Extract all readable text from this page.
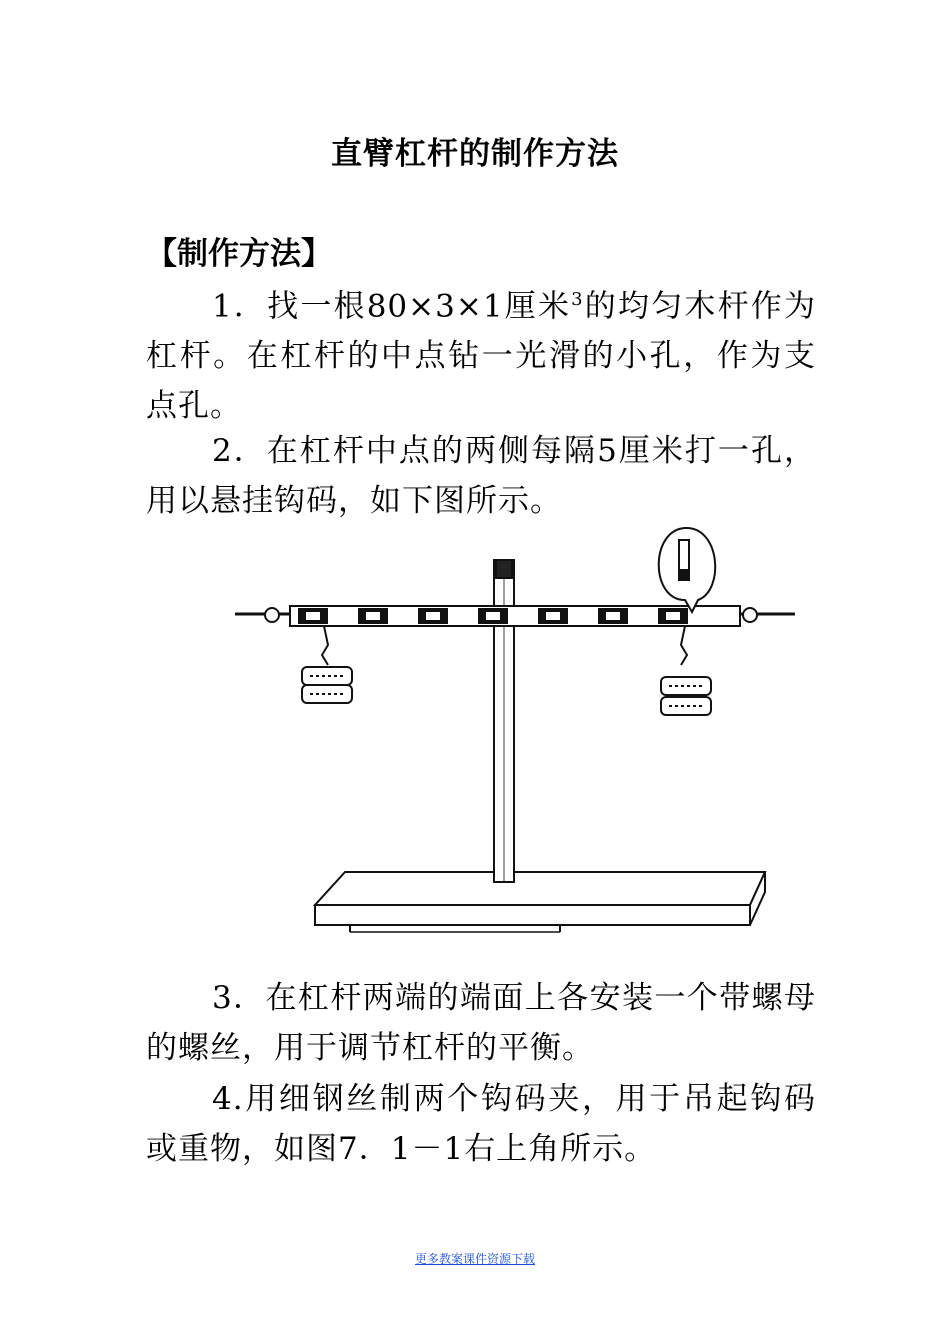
直臂杠杆的制作方法
【制作方法】

1．找一根80×3×1厘米$^3$的均匀木杆作为杠杆。在杠杆的中点钻一光滑的小孔，作为支点孔。

2．在杠杆中点的两侧每隔5厘米打一孔，用以悬挂钩码，如下图所示。

3．在杠杆两端的端面上各安装一个带螺母的螺丝，用于调节杠杆的平衡。

4.用细钢丝制两个钩码夹，用于吊起钩码或重物，如图7．1－1右上角所示。

更多教案课件资源下载
